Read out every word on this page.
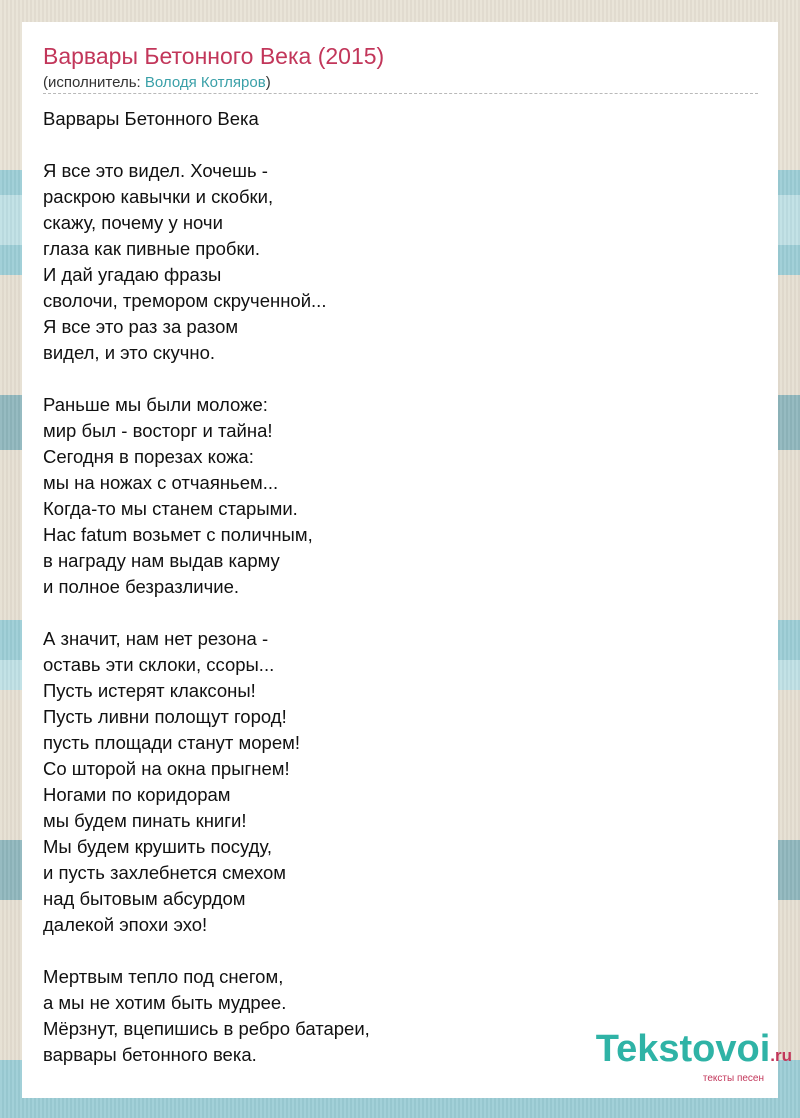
Варвары Бетонного Века (2015)
(исполнитель: Володя Котляров)
Варвары Бетонного Века

Я все это видел. Хочешь -
раскрою кавычки и скобки,
скажу, почему у ночи
глаза как пивные пробки.
И дай угадаю фразы
сволочи, тремором скрученной...
Я все это раз за разом
видел, и это скучно.

Раньше мы были моложе:
мир был - восторг и тайна!
Сегодня в порезах кожа:
мы на ножах с отчаяньем...
Когда-то мы станем старыми.
Нас fatum возьмет с поличным,
в награду нам выдав карму
и полное безразличие.

А значит, нам нет резона -
оставь эти склоки, ссоры...
Пусть истерят клаксоны!
Пусть ливни полощут город!
пусть площади станут морем!
Со шторой на окна прыгнем!
Ногами по коридорам
мы будем пинать книги!
Мы будем крушить посуду,
и пусть захлебнется смехом
над бытовым абсурдом
далекой эпохи эхо!

Мертвым тепло под снегом,
а мы не хотим быть мудрее.
Мёрзнут, вцепишись в ребро батареи,
варвары бетонного века.	Tekstovoi.ru
тексты песен
